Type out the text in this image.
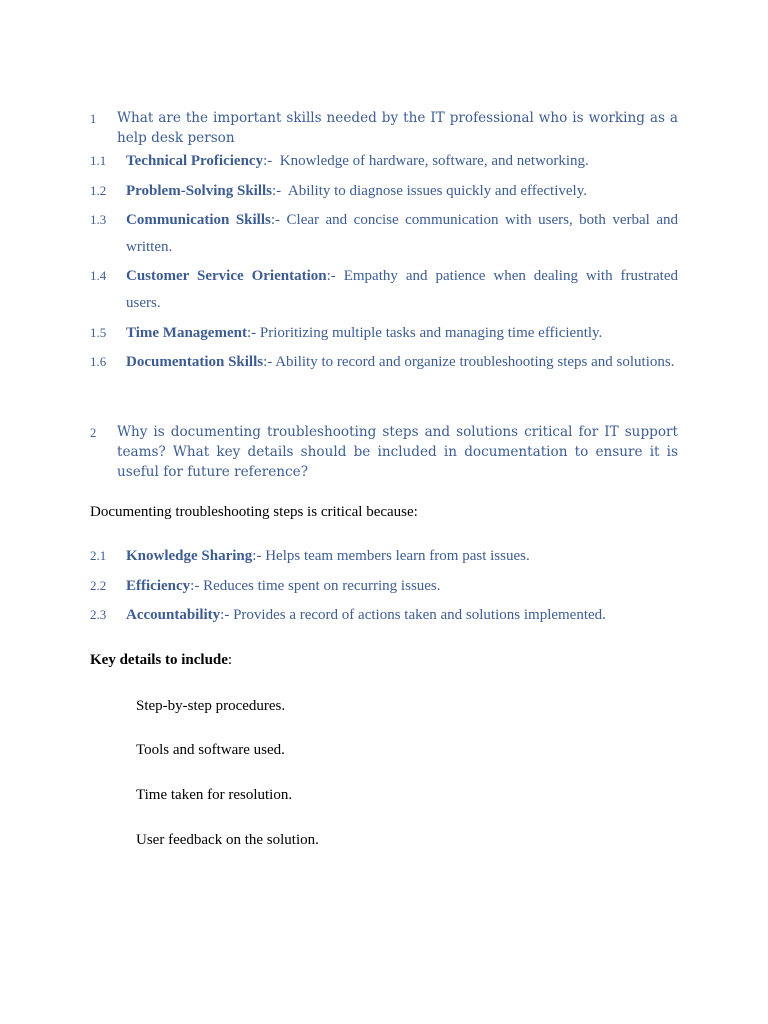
1 What are the important skills needed by the IT professional who is working as a help desk person
1.1 Technical Proficiency:-  Knowledge of hardware, software, and networking.
1.2 Problem-Solving Skills:-  Ability to diagnose issues quickly and effectively.
1.3 Communication Skills:- Clear and concise communication with users, both verbal and written.
1.4 Customer Service Orientation:- Empathy and patience when dealing with frustrated users.
1.5 Time Management:- Prioritizing multiple tasks and managing time efficiently.
1.6 Documentation Skills:- Ability to record and organize troubleshooting steps and solutions.
2 Why is documenting troubleshooting steps and solutions critical for IT support teams? What key details should be included in documentation to ensure it is useful for future reference?
Documenting troubleshooting steps is critical because:
2.1 Knowledge Sharing:- Helps team members learn from past issues.
2.2 Efficiency:- Reduces time spent on recurring issues.
2.3 Accountability:- Provides a record of actions taken and solutions implemented.
Key details to include:
Step-by-step procedures.
Tools and software used.
Time taken for resolution.
User feedback on the solution.
